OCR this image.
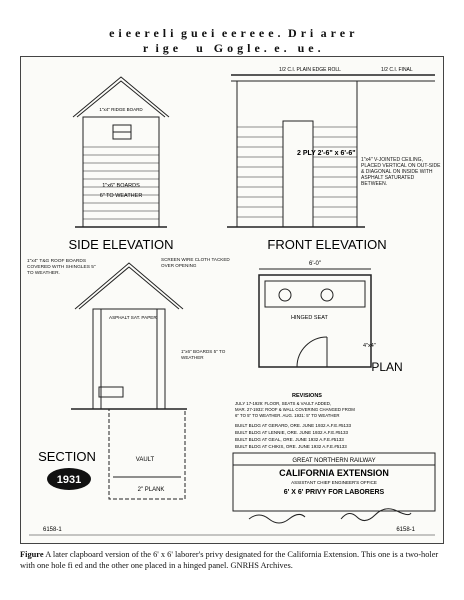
e i e e r e l i  g u e i  e e r e e e .  D r i  a r e r
r  i g e     u   G o g l e .  e .   u e .
1"x4" RIDGE BOARD
1"x6" BOARDS
6" TO WEATHER
SIDE ELEVATION
1/2 C.I. PLAIN EDGE ROLL	1/2 C.I. FINAL
2 PLY 2'-6" x 6'-6"
1"x4" V-JOINTED CEILING, PLACED VERTICAL ON OUT-SIDE & DIAGONAL ON INSIDE WITH ASPHALT SATURATED BETWEEN.
FRONT ELEVATION
1"x4" T&G ROOF BOARDS COVERED WITH SHINGLES 5" TO WEATHER.
SCREEN WIRE CLOTH TACKED OVER OPENING
ASPHALT SAT. PAPER
1"x6" BOARDS 5" TO WEATHER
VAULT
2" PLANK
SECTION
6'-0"
HINGED SEAT
4"x4"
PLAN
REVISIONS
JULY 17-1929: FLOOR, SEATS & VAULT ADDED,
MAR. 27-1932: ROOF & WALL COVERING CHANGED FROM
6" TO 5" TO WEATHER. AUG. 1931: 5" TO WEATHER
BUILT BLDG AT GERARD, ORE. JUNE 1932 A.F.E.#5133
BUILT BLDG AT LENNIE, ORE. JUNE 1932 A.F.E.#5133
BUILT BLDG AT GEAL, ORE. JUNE 1932 A.F.E.#5133
BUILT BLDG AT CHIKIS, ORE. JUNE 1932 A.F.E.#5133
GREAT NORTHERN RAILWAY
CALIFORNIA EXTENSION
ASSISTANT CHIEF ENGINEER'S OFFICE
6' X 6' PRIVY FOR LABORERS
1931
6158-1	6158-1
Figure A later clapboard version of the 6' x 6' laborer's privy designated for the California Extension. This one is a two-holer with one hole fi ed and the other one placed in a hinged panel. GNRHS Archives.
